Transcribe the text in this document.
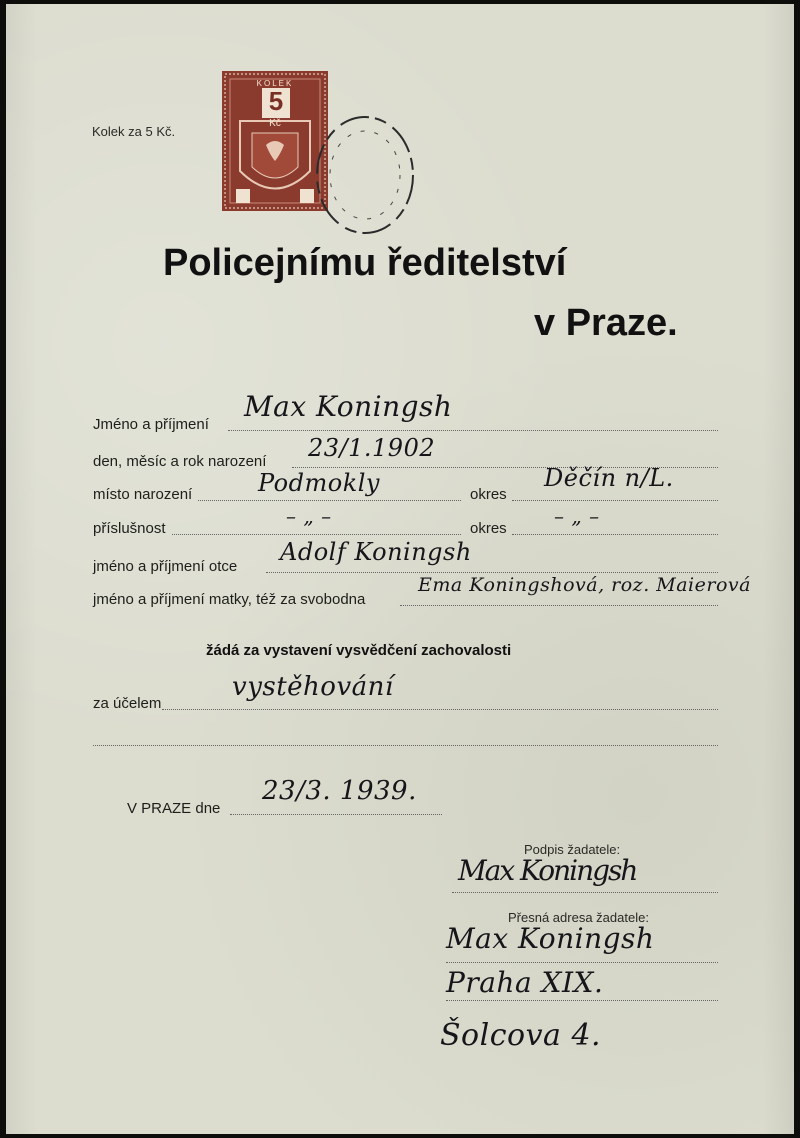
Kolek za 5 Kč.
KOLEK
5
Kč
Policejnímu ředitelství
v Praze.
Jméno a příjmení
Max Koningsh
den, měsíc a rok narození 23/1.1902
místo narození	Podmokly	okres
Děčín n/L.
příslušnost
– „ –
okres
– „ –
jméno a příjmení otce
Adolf Koningsh
jméno a příjmení matky, též za svobodna
Ema Koningshová, roz. Maierová
žádá za vystavení vysvědčení zachovalosti
za účelem
vystěhování
V PRAZE dne
23/3. 1939.
Podpis žadatele:
Max Koningsh
Přesná adresa žadatele:
Max Koningsh
Praha XIX.
Šolcova 4.
